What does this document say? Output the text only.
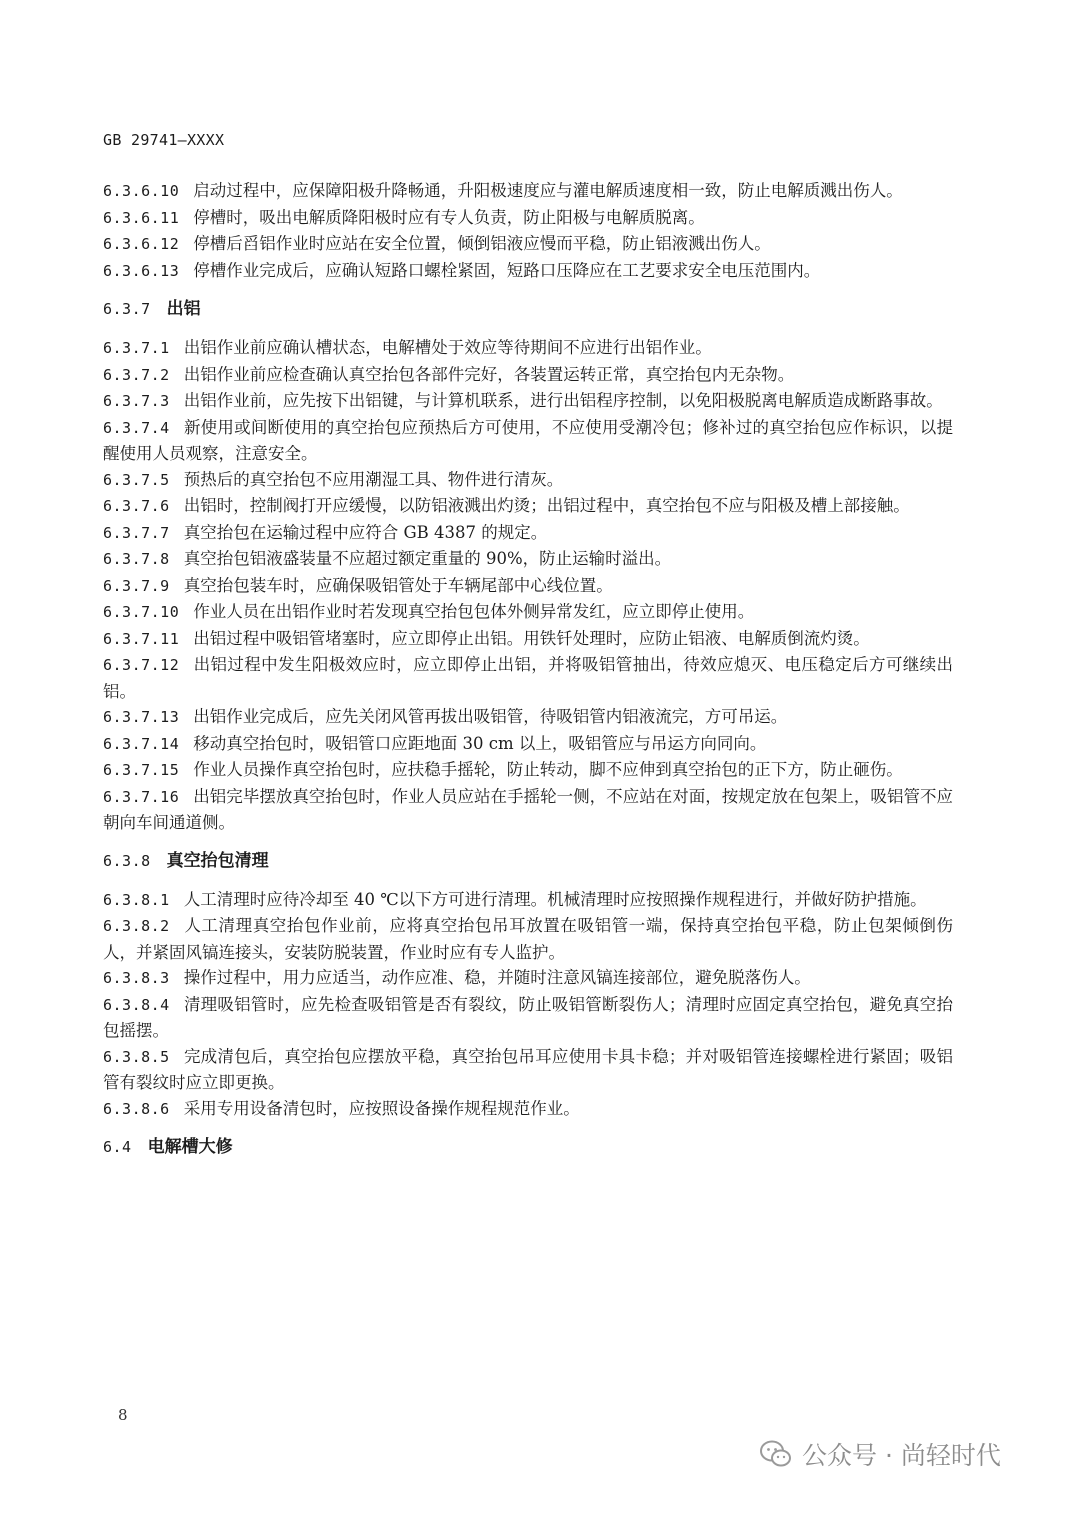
GB 29741—XXXX

6.3.6.10 启动过程中，应保障阳极升降畅通，升阳极速度应与灌电解质速度相一致，防止电解质溅出伤人。

6.3.6.11 停槽时，吸出电解质降阳极时应有专人负责，防止阳极与电解质脱离。

6.3.6.12 停槽后舀铝作业时应站在安全位置，倾倒铝液应慢而平稳，防止铝液溅出伤人。

6.3.6.13 停槽作业完成后，应确认短路口螺栓紧固，短路口压降应在工艺要求安全电压范围内。

6.3.7 出铝

6.3.7.1 出铝作业前应确认槽状态，电解槽处于效应等待期间不应进行出铝作业。

6.3.7.2 出铝作业前应检查确认真空抬包各部件完好，各装置运转正常，真空抬包内无杂物。

6.3.7.3 出铝作业前，应先按下出铝键，与计算机联系，进行出铝程序控制，以免阳极脱离电解质造成断路事故。

6.3.7.4 新使用或间断使用的真空抬包应预热后方可使用，不应使用受潮冷包；修补过的真空抬包应作标识，以提醒使用人员观察，注意安全。

6.3.7.5 预热后的真空抬包不应用潮湿工具、物件进行清灰。

6.3.7.6 出铝时，控制阀打开应缓慢，以防铝液溅出灼烫；出铝过程中，真空抬包不应与阳极及槽上部接触。

6.3.7.7 真空抬包在运输过程中应符合 GB 4387 的规定。

6.3.7.8 真空抬包铝液盛装量不应超过额定重量的 90%，防止运输时溢出。

6.3.7.9 真空抬包装车时，应确保吸铝管处于车辆尾部中心线位置。

6.3.7.10 作业人员在出铝作业时若发现真空抬包包体外侧异常发红，应立即停止使用。

6.3.7.11 出铝过程中吸铝管堵塞时，应立即停止出铝。用铁钎处理时，应防止铝液、电解质倒流灼烫。

6.3.7.12 出铝过程中发生阳极效应时，应立即停止出铝，并将吸铝管抽出，待效应熄灭、电压稳定后方可继续出铝。

6.3.7.13 出铝作业完成后，应先关闭风管再拔出吸铝管，待吸铝管内铝液流完，方可吊运。

6.3.7.14 移动真空抬包时，吸铝管口应距地面 30 cm 以上，吸铝管应与吊运方向同向。

6.3.7.15 作业人员操作真空抬包时，应扶稳手摇轮，防止转动，脚不应伸到真空抬包的正下方，防止砸伤。

6.3.7.16 出铝完毕摆放真空抬包时，作业人员应站在手摇轮一侧，不应站在对面，按规定放在包架上，吸铝管不应朝向车间通道侧。

6.3.8 真空抬包清理

6.3.8.1 人工清理时应待冷却至 40 ℃以下方可进行清理。机械清理时应按照操作规程进行，并做好防护措施。

6.3.8.2 人工清理真空抬包作业前，应将真空抬包吊耳放置在吸铝管一端，保持真空抬包平稳，防止包架倾倒伤人，并紧固风镐连接头，安装防脱装置，作业时应有专人监护。

6.3.8.3 操作过程中，用力应适当，动作应准、稳，并随时注意风镐连接部位，避免脱落伤人。

6.3.8.4 清理吸铝管时，应先检查吸铝管是否有裂纹，防止吸铝管断裂伤人；清理时应固定真空抬包，避免真空抬包摇摆。

6.3.8.5 完成清包后，真空抬包应摆放平稳，真空抬包吊耳应使用卡具卡稳；并对吸铝管连接螺栓进行紧固；吸铝管有裂纹时应立即更换。

6.3.8.6 采用专用设备清包时，应按照设备操作规程规范作业。

6.4 电解槽大修

8
公众号 · 尚轻时代
